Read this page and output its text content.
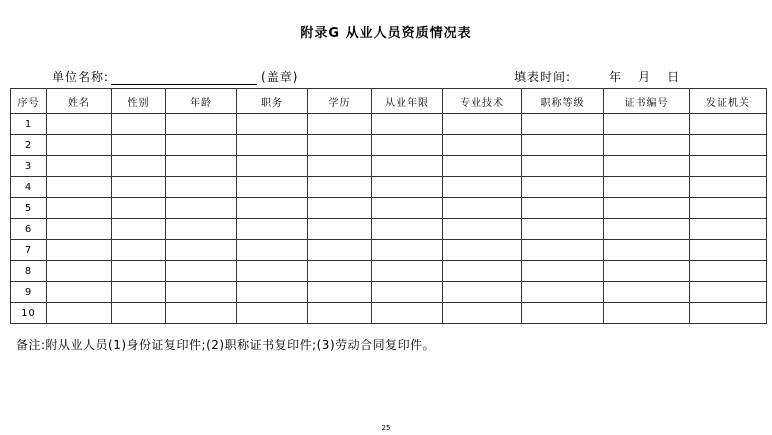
附录G 从业人员资质情况表
单位名称:	(盖章)	填表时间:	年 月 日
序号	姓名	性别	年龄	职务	学历	从业年限	专业技术	职称等级	证书编号	发证机关
1										
2										
3										
4										
5										
6										
7										
8										
9										
10										
备注:附从业人员(1)身份证复印件;(2)职称证书复印件;(3)劳动合同复印件。
25
